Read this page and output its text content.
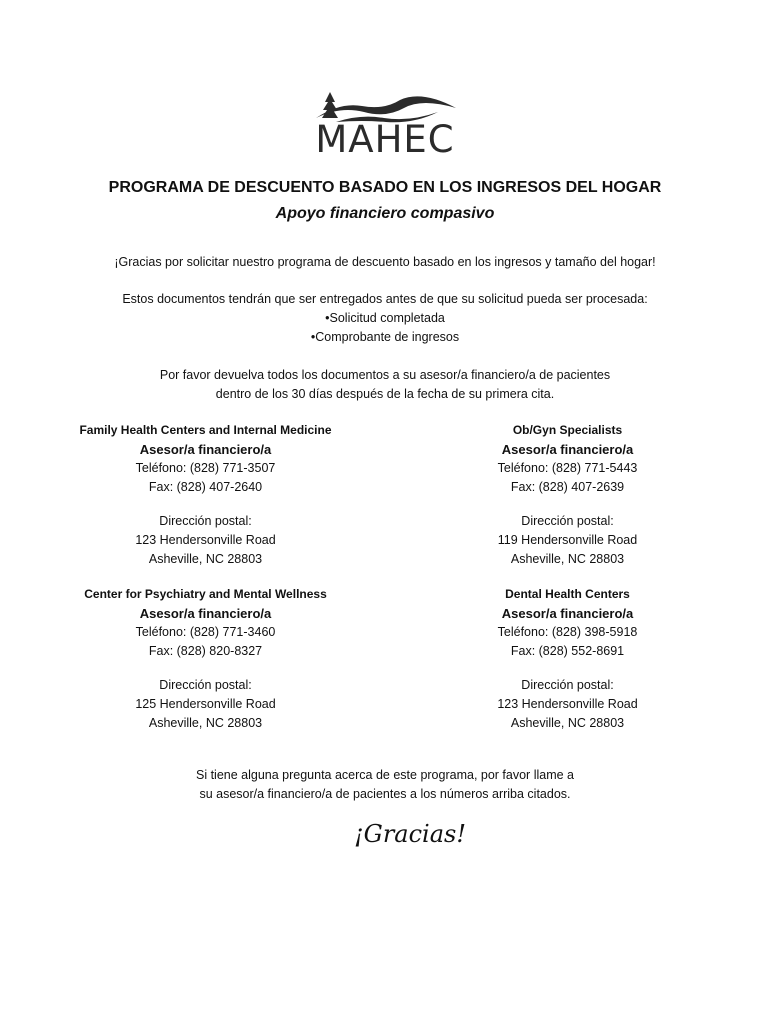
MAHEC
PROGRAMA DE DESCUENTO BASADO EN LOS INGRESOS DEL HOGAR
Apoyo financiero compasivo
¡Gracias por solicitar nuestro programa de descuento basado en los ingresos y tamaño del hogar!
Estos documentos tendrán que ser entregados antes de que su solicitud pueda ser procesada:
• Solicitud completada
• Comprobante de ingresos
Por favor devuelva todos los documentos a su asesor/a financiero/a de pacientes
dentro de los 30 días después de la fecha de su primera cita.
Family Health Centers and Internal Medicine
Asesor/a financiero/a
Teléfono: (828) 771-3507
Fax: (828) 407-2640
Dirección postal:
123 Hendersonville Road
Asheville, NC 28803
Ob/Gyn Specialists
Asesor/a financiero/a
Teléfono: (828) 771-5443
Fax: (828) 407-2639
Dirección postal:
119 Hendersonville Road
Asheville, NC 28803
Center for Psychiatry and Mental Wellness
Asesor/a financiero/a
Teléfono: (828) 771-3460
Fax: (828) 820-8327
Dirección postal:
125 Hendersonville Road
Asheville, NC 28803
Dental Health Centers
Asesor/a financiero/a
Teléfono: (828) 398-5918
Fax: (828) 552-8691
Dirección postal:
123 Hendersonville Road
Asheville, NC 28803
Si tiene alguna pregunta acerca de este programa, por favor llame a
su asesor/a financiero/a de pacientes a los números arriba citados.
¡Gracias!
